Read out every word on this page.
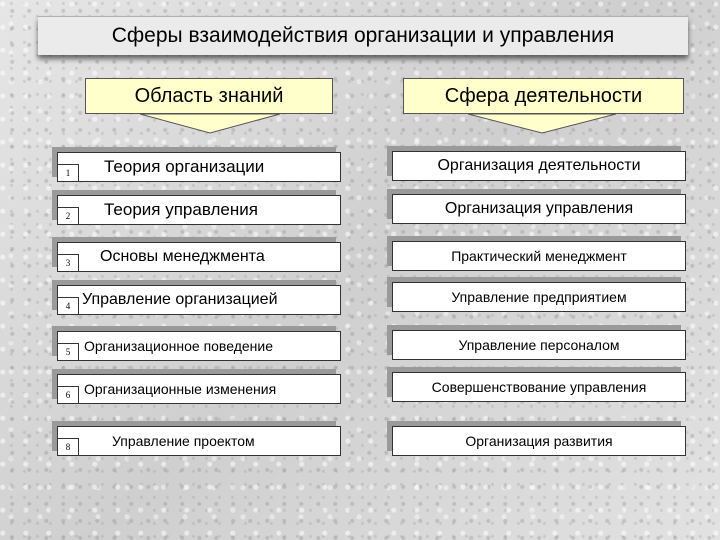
Сферы взаимодействия организации и управления
Область знаний	Сфера деятельности
1	Теория организации	Организация деятельности
2	Теория управления	Организация управления
3	Основы менеджмента	Практический менеджмент
4 Управление организацией	Управление предприятием
5 Организационное поведение	Управление персоналом
6 Организационные изменения	Совершенствование управления
8	Управление проектом	Организация развития
